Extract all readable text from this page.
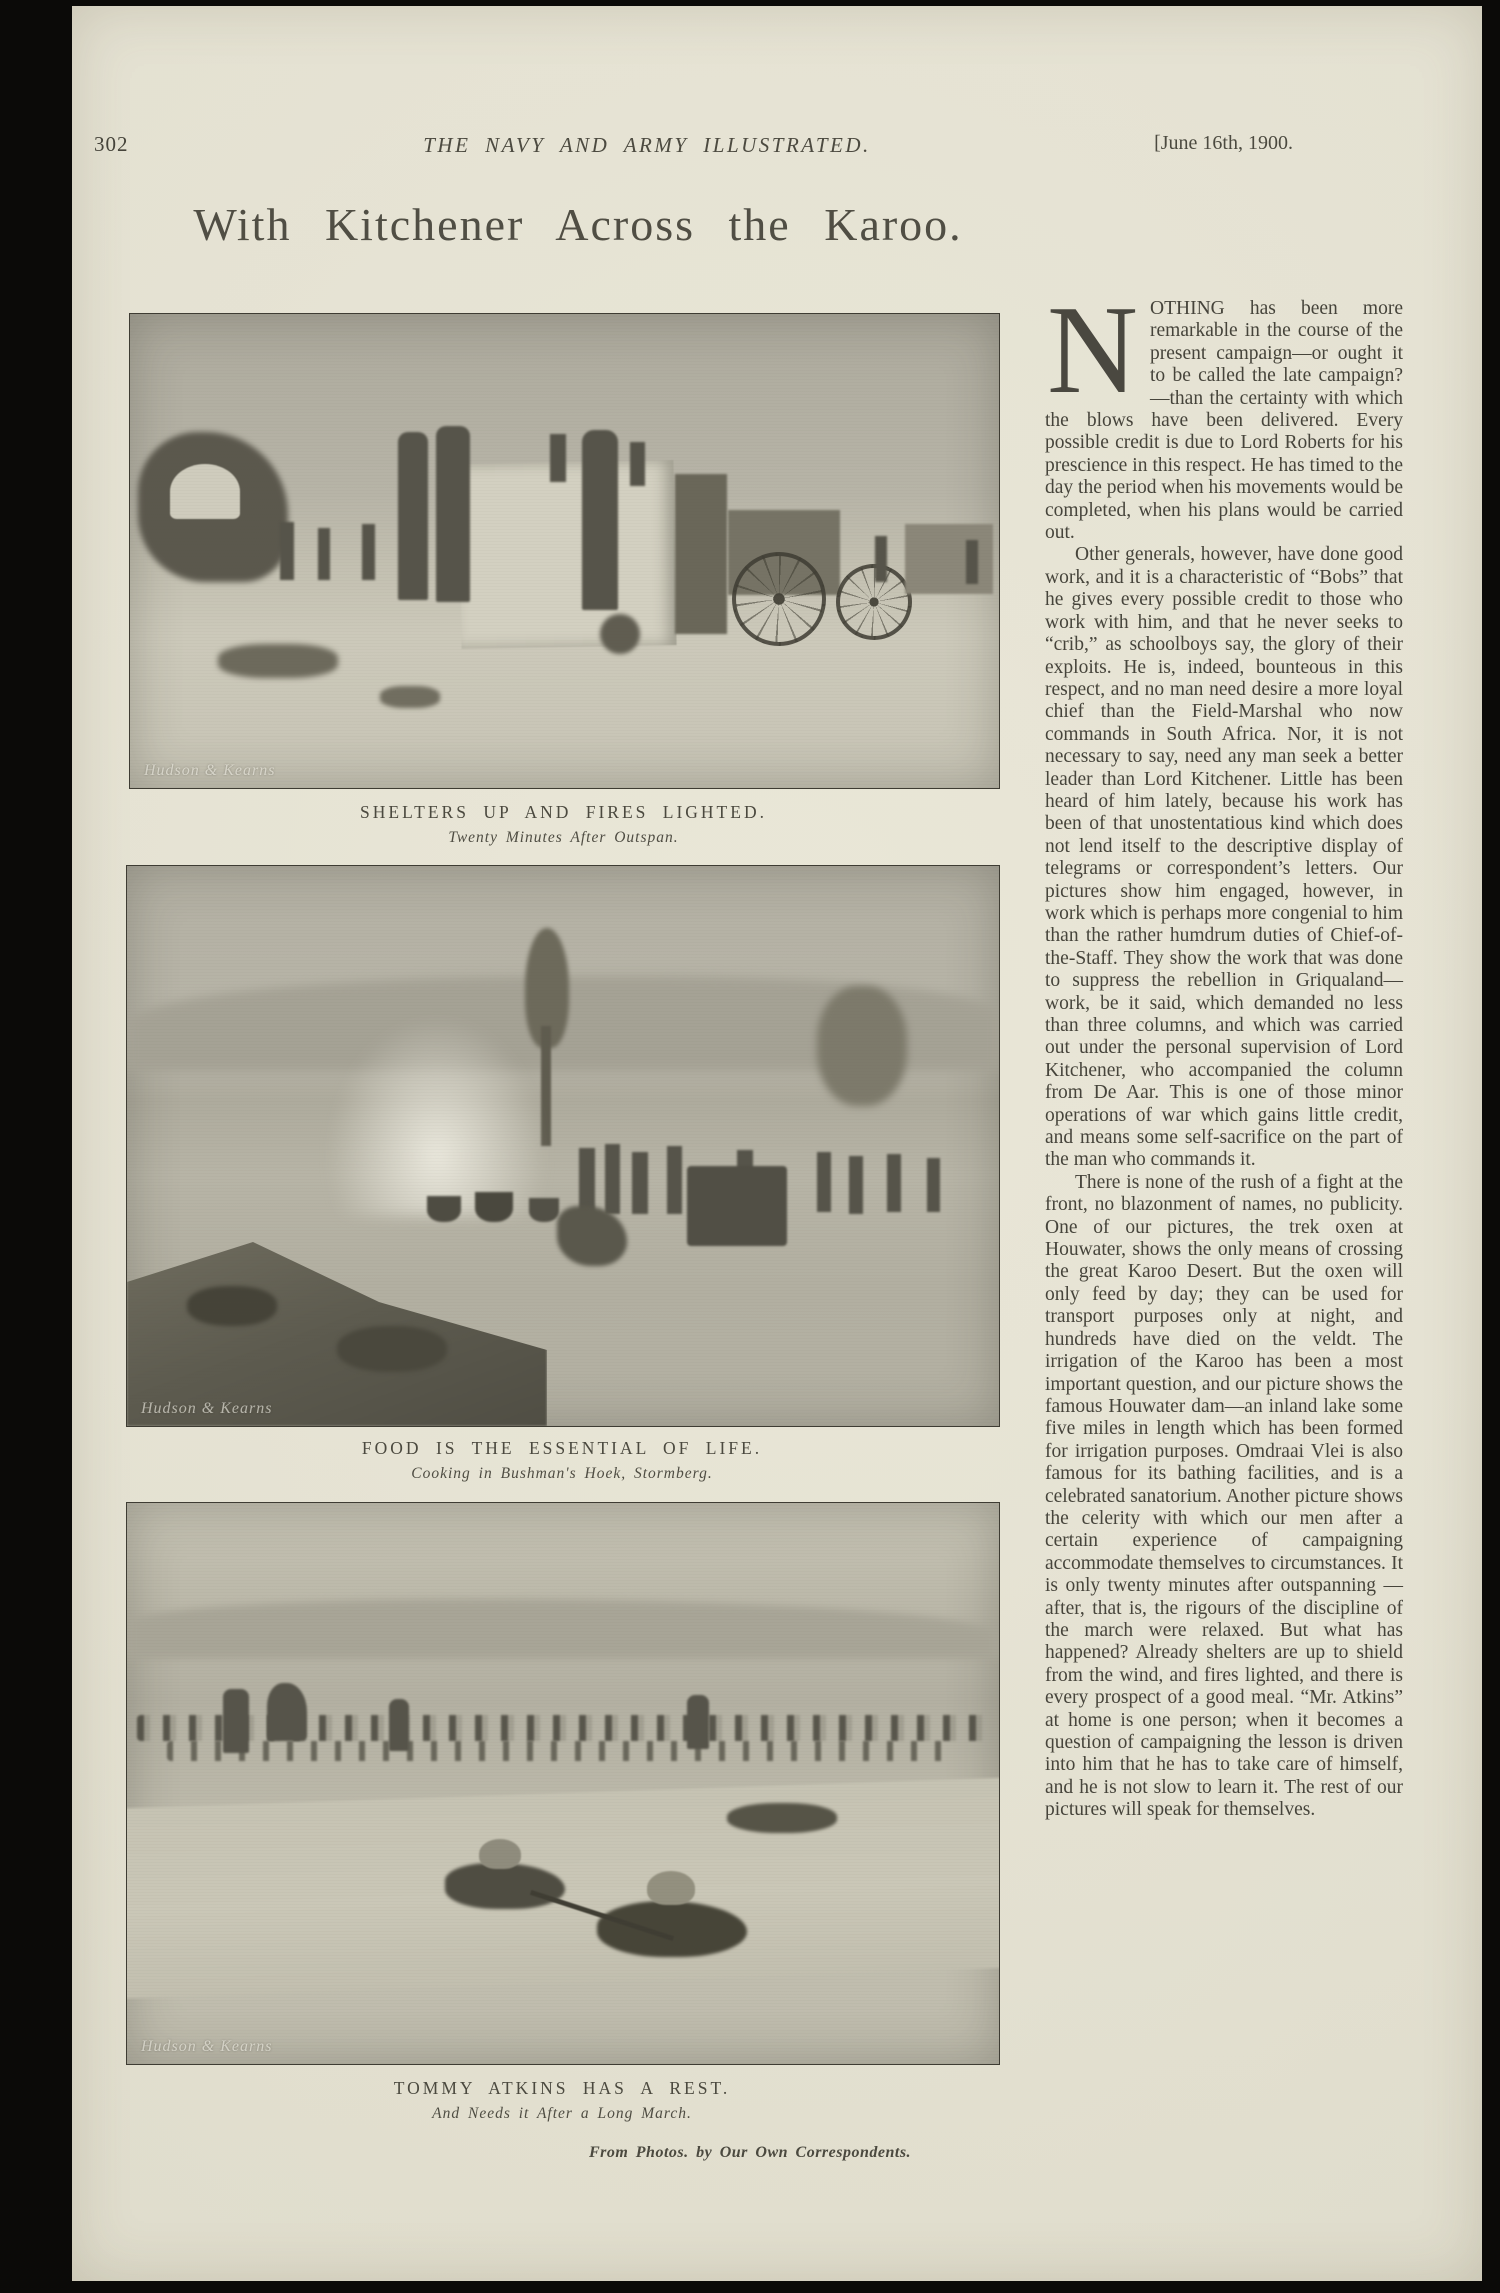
302	THE NAVY AND ARMY ILLUSTRATED.	[June 16th, 1900.
With Kitchener Across the Karoo.
Hudson & Kearns
SHELTERS UP AND FIRES LIGHTED.
Twenty Minutes After Outspan.
Hudson & Kearns
FOOD IS THE ESSENTIAL OF LIFE.
Cooking in Bushman's Hoek, Stormberg.
Hudson & Kearns
TOMMY ATKINS HAS A REST.
And Needs it After a Long March.
From Photos. by Our Own Correspondents.

NOTHING has been more remarkable in the course of the present campaign—or ought it to be called the late campaign?—than the certainty with which the blows have been delivered. Every possible credit is due to Lord Roberts for his prescience in this respect. He has timed to the day the period when his movements would be completed, when his plans would be carried out.

Other generals, however, have done good work, and it is a characteristic of “Bobs” that he gives every possible credit to those who work with him, and that he never seeks to “crib,” as schoolboys say, the glory of their exploits. He is, indeed, bounteous in this respect, and no man need desire a more loyal chief than the Field-Marshal who now commands in South Africa. Nor, it is not necessary to say, need any man seek a better leader than Lord Kitchener. Little has been heard of him lately, because his work has been of that unostentatious kind which does not lend itself to the descriptive display of telegrams or correspondent’s letters. Our pictures show him engaged, however, in work which is perhaps more congenial to him than the rather humdrum duties of Chief-of-the-Staff. They show the work that was done to suppress the rebellion in Griqualand—work, be it said, which demanded no less than three columns, and which was carried out under the personal supervision of Lord Kitchener, who accompanied the column from De Aar. This is one of those minor operations of war which gains little credit, and means some self-sacrifice on the part of the man who commands it.

There is none of the rush of a fight at the front, no blazonment of names, no publicity. One of our pictures, the trek oxen at Houwater, shows the only means of crossing the great Karoo Desert. But the oxen will only feed by day; they can be used for transport purposes only at night, and hundreds have died on the veldt. The irrigation of the Karoo has been a most important question, and our picture shows the famous Houwater dam—an inland lake some five miles in length which has been formed for irrigation purposes. Omdraai Vlei is also famous for its bathing facilities, and is a celebrated sanatorium. Another picture shows the celerity with which our men after a certain experience of campaigning accommodate themselves to circumstances. It is only twenty minutes after outspanning — after, that is, the rigours of the discipline of the march were relaxed. But what has happened? Already shelters are up to shield from the wind, and fires lighted, and there is every prospect of a good meal. “Mr. Atkins” at home is one person; when it becomes a question of campaigning the lesson is driven into him that he has to take care of himself, and he is not slow to learn it. The rest of our pictures will speak for themselves.
